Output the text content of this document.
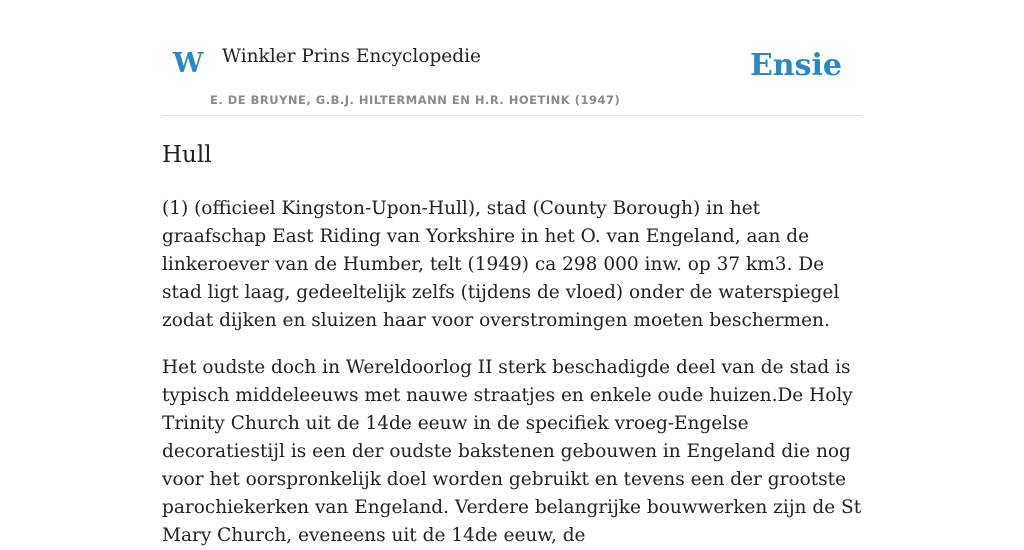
W Winkler Prins Encyclopedie
E. DE BRUYNE, G.B.J. HILTERMANN EN H.R. HOETINK (1947)
Ensie
Hull

(1) (officieel Kingston-Upon-Hull), stad (County Borough) in het graafschap East Riding van Yorkshire in het O. van Engeland, aan de linkeroever van de Humber, telt (1949) ca 298 000 inw. op 37 km3. De stad ligt laag, gedeeltelijk zelfs (tijdens de vloed) onder de waterspiegel zodat dijken en sluizen haar voor overstromingen moeten beschermen.

Het oudste doch in Wereldoorlog II sterk beschadigde deel van de stad is typisch middeleeuws met nauwe straatjes en enkele oude huizen.De Holy Trinity Church uit de 14de eeuw in de specifiek vroeg-Engelse decoratiestijl is een der oudste bakstenen gebouwen in Engeland die nog voor het oorspronkelijk doel worden gebruikt en tevens een der grootste parochiekerken van Engeland. Verdere belangrijke bouwwerken zijn de St Mary Church, eveneens uit de 14de eeuw, de
